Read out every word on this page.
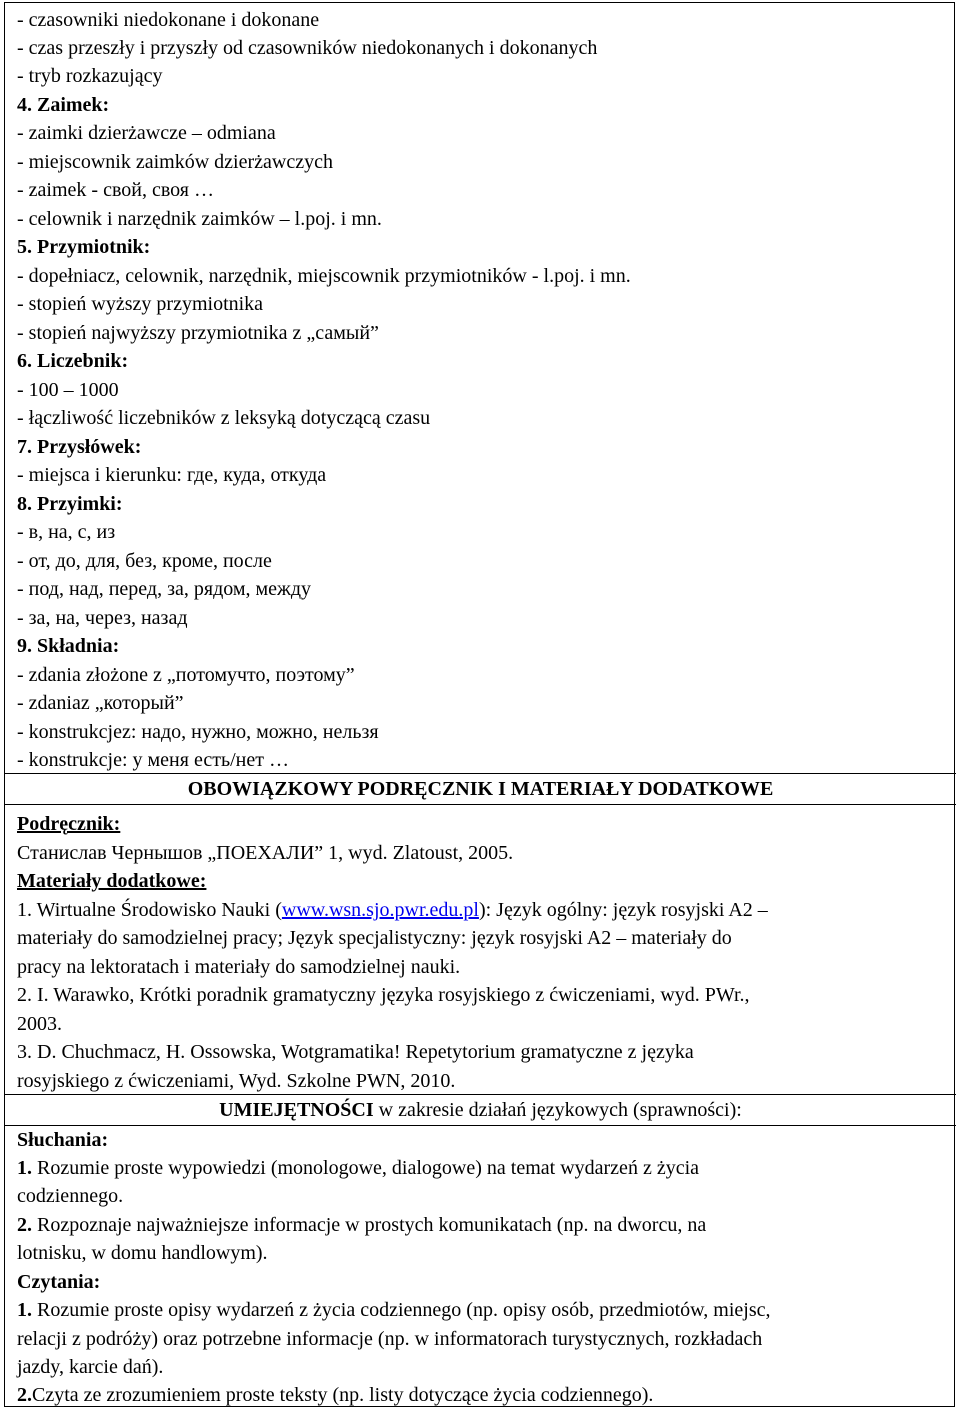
- czasowniki niedokonane i dokonane
- czas przeszły i przyszły od czasowników niedokonanych i dokonanych
- tryb rozkazujący
4. Zaimek:
- zaimki dzierżawcze – odmiana
- miejscownik zaimków dzierżawczych
- zaimek - свой, своя …
- celownik i narzędnik zaimków – l.poj. i mn.
5. Przymiotnik:
- dopełniacz, celownik, narzędnik, miejscownik przymiotników - l.poj. i mn.
- stopień wyższy przymiotnika
- stopień najwyższy przymiotnika z „самый”
6. Liczebnik:
- 100 – 1000
- łączliwość liczebników z leksyką dotyczącą czasu
7. Przysłówek:
- miejsca i kierunku: где, куда, откуда
8. Przyimki:
- в, на, с, из
- от, до, для, без, кроме, после
- под, над, перед, за, рядом, между
- за, на, через, назад
9. Składnia:
- zdania złożone z „потомучто, поэтому”
- zdaniaz „который”
- konstrukcjez: надо, нужно, можно, нельзя
- konstrukcje: у меня есть/нет …
OBOWIĄZKOWY PODRĘCZNIK I MATERIAŁY DODATKOWE
Podręcznik:
Станислав Чернышов „ПОЕХАЛИ” 1, wyd. Zlatoust, 2005.
Materiały dodatkowe:
1. Wirtualne Środowisko Nauki (www.wsn.sjo.pwr.edu.pl): Język ogólny: język rosyjski A2 –
materiały do samodzielnej pracy; Język specjalistyczny: język rosyjski A2 – materiały do
pracy na lektoratach i materiały do samodzielnej nauki.
2. I. Warawko, Krótki poradnik gramatyczny języka rosyjskiego z ćwiczeniami, wyd. PWr.,
2003.
3. D. Chuchmacz, H. Ossowska, Wotgramatika! Repetytorium gramatyczne z języka
rosyjskiego z ćwiczeniami, Wyd. Szkolne PWN, 2010.
UMIEJĘTNOŚCI w zakresie działań językowych (sprawności):
Słuchania:
1. Rozumie proste wypowiedzi (monologowe, dialogowe) na temat wydarzeń z życia
codziennego.
2. Rozpoznaje najważniejsze informacje w prostych komunikatach (np. na dworcu, na
lotnisku, w domu handlowym).
Czytania:
1. Rozumie proste opisy wydarzeń z życia codziennego (np. opisy osób, przedmiotów, miejsc,
relacji z podróży) oraz potrzebne informacje (np. w informatorach turystycznych, rozkładach
jazdy, karcie dań).
2.Czyta ze zrozumieniem proste teksty (np. listy dotyczące życia codziennego).
